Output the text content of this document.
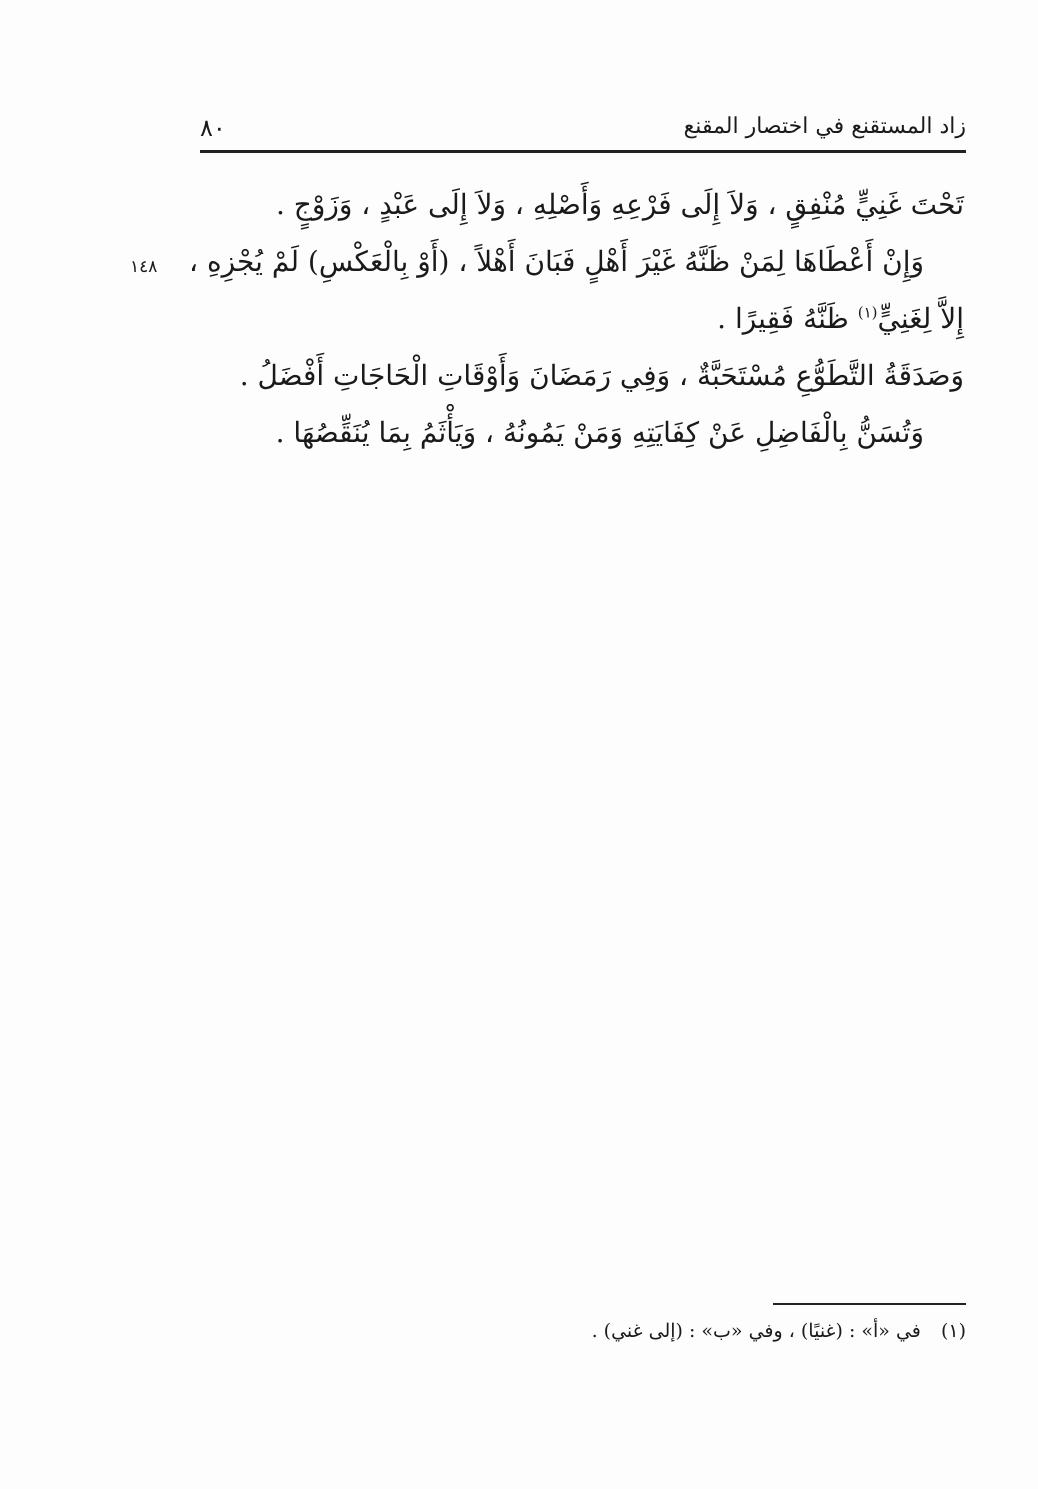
٨٠	زاد المستقنع في اختصار المقنع
١٤٨
تَحْتَ غَنِيٍّ مُنْفِقٍ ، وَلاَ إِلَى فَرْعِهِ وَأَصْلِهِ ، وَلاَ إِلَى عَبْدٍ ، وَزَوْجٍ .
وَإِنْ أَعْطَاهَا لِمَنْ ظَنَّهُ غَيْرَ أَهْلٍ فَبَانَ أَهْلاً ، (أَوْ بِالْعَكْسِ) لَمْ يُجْزِهِ ،
إِلاَّ لِغَنِيٍّ$^{(١)}$ ظَنَّهُ فَقِيرًا .
وَصَدَقَةُ التَّطَوُّعِ مُسْتَحَبَّةٌ ، وَفِي رَمَضَانَ وَأَوْقَاتِ الْحَاجَاتِ أَفْضَلُ .
وَتُسَنُّ بِالْفَاضِلِ عَنْ كِفَايَتِهِ وَمَنْ يَمُونُهُ ، وَيَأْثَمُ بِمَا يُنَقِّصُهَا .
(١) في «أ» : (غنيًا) ، وفي «ب» : (إلى غني) .
